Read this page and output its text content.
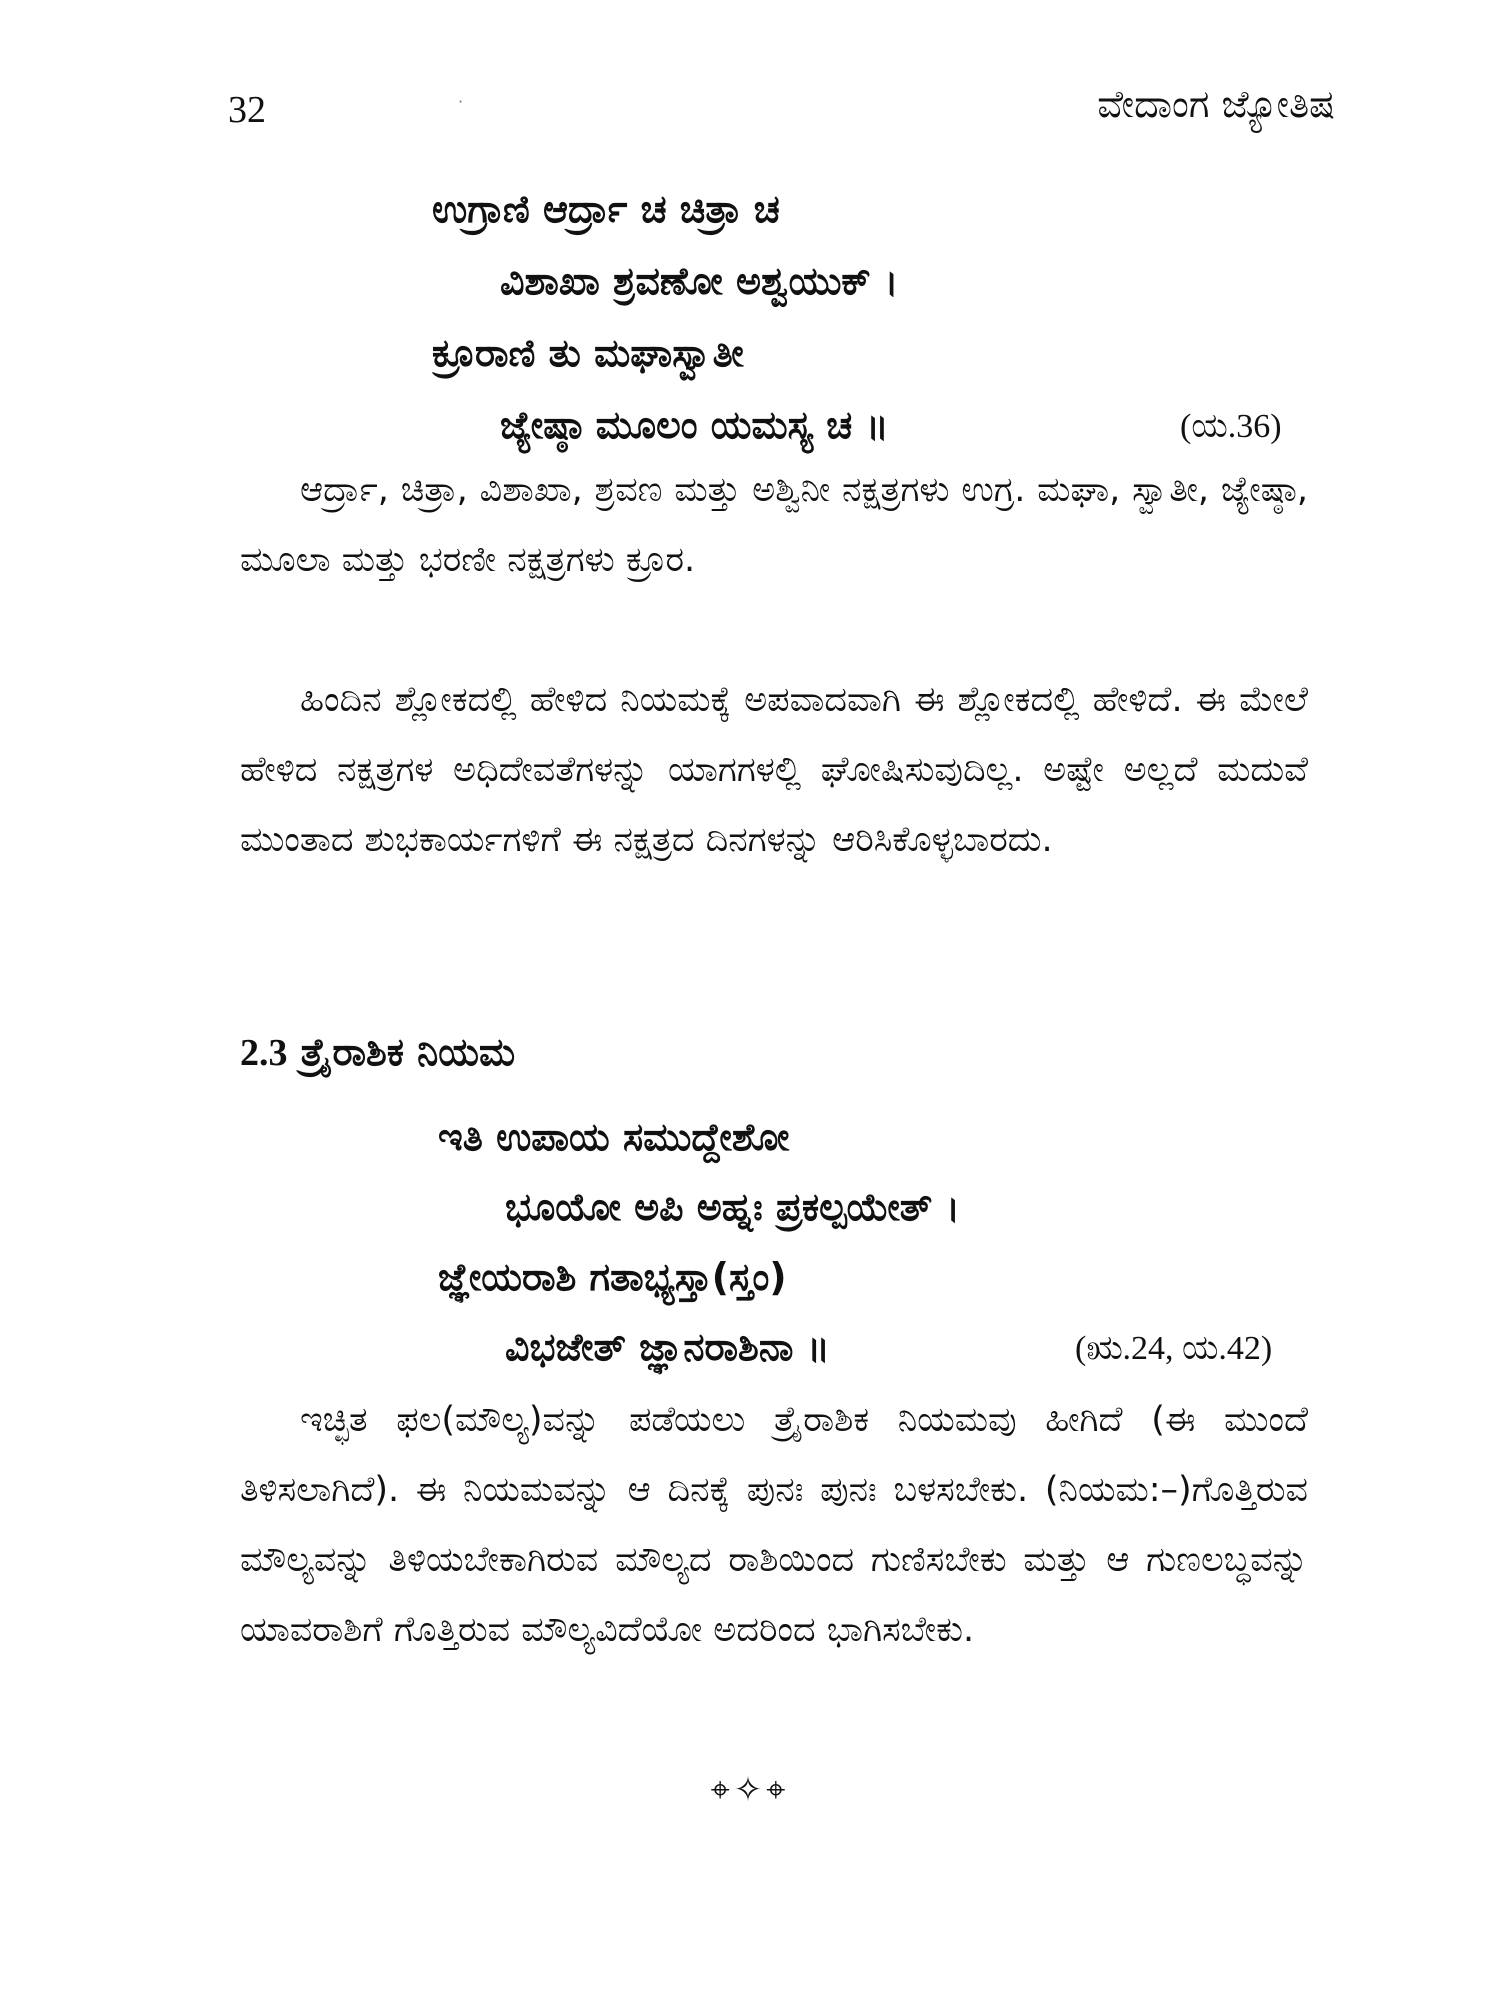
32	·	ವೇದಾಂಗ ಜ್ಯೋತಿಷ
ಉಗ್ರಾಣಿ ಆರ್ದ್ರಾ ಚ ಚಿತ್ರಾ ಚ
ವಿಶಾಖಾ ಶ್ರವಣೋ ಅಶ್ವಯುಕ್ ।
ಕ್ರೂರಾಣಿ ತು ಮಘಾಸ್ವಾತೀ
ಜ್ಯೇಷ್ಠಾ ಮೂಲಂ ಯಮಸ್ಯ ಚ ॥	(ಯ.36)

ಆರ್ದ್ರಾ, ಚಿತ್ರಾ, ವಿಶಾಖಾ, ಶ್ರವಣ ಮತ್ತು ಅಶ್ವಿನೀ ನಕ್ಷತ್ರಗಳು ಉಗ್ರ. ಮಘಾ, ಸ್ವಾತೀ, ಜ್ಯೇಷ್ಠಾ, ಮೂಲಾ ಮತ್ತು ಭರಣೀ ನಕ್ಷತ್ರಗಳು ಕ್ರೂರ.

ಹಿಂದಿನ ಶ್ಲೋಕದಲ್ಲಿ ಹೇಳಿದ ನಿಯಮಕ್ಕೆ ಅಪವಾದವಾಗಿ ಈ ಶ್ಲೋಕದಲ್ಲಿ ಹೇಳಿದೆ. ಈ ಮೇಲೆ ಹೇಳಿದ ನಕ್ಷತ್ರಗಳ ಅಧಿದೇವತೆಗಳನ್ನು ಯಾಗಗಳಲ್ಲಿ ಘೋಷಿಸುವುದಿಲ್ಲ. ಅಷ್ಟೇ ಅಲ್ಲದೆ ಮದುವೆ ಮುಂತಾದ ಶುಭಕಾರ್ಯಗಳಿಗೆ ಈ ನಕ್ಷತ್ರದ ದಿನಗಳನ್ನು ಆರಿಸಿಕೊಳ್ಳಬಾರದು.

2.3 ತ್ರೈರಾಶಿಕ ನಿಯಮ
ಇತಿ ಉಪಾಯ ಸಮುದ್ದೇಶೋ
ಭೂಯೋ ಅಪಿ ಅಹ್ನಃ ಪ್ರಕಲ್ಪಯೇತ್ ।
ಜ್ಞೇಯರಾಶಿ ಗತಾಭ್ಯಸ್ತಾ(ಸ್ತಂ)
ವಿಭಜೇತ್ ಜ್ಞಾನರಾಶಿನಾ ॥	(ಋ.24, ಯ.42)

ಇಚ್ಛಿತ ಫಲ(ಮೌಲ್ಯ)ವನ್ನು ಪಡೆಯಲು ತ್ರೈರಾಶಿಕ ನಿಯಮವು ಹೀಗಿದೆ (ಈ ಮುಂದೆ ತಿಳಿಸಲಾಗಿದೆ). ಈ ನಿಯಮವನ್ನು ಆ ದಿನಕ್ಕೆ ಪುನಃ ಪುನಃ ಬಳಸಬೇಕು. (ನಿಯಮ:–)ಗೊತ್ತಿರುವ ಮೌಲ್ಯವನ್ನು ತಿಳಿಯಬೇಕಾಗಿರುವ ಮೌಲ್ಯದ ರಾಶಿಯಿಂದ ಗುಣಿಸಬೇಕು ಮತ್ತು ಆ ಗುಣಲಬ್ಧವನ್ನು ಯಾವರಾಶಿಗೆ ಗೊತ್ತಿರುವ ಮೌಲ್ಯವಿದೆಯೋ ಅದರಿಂದ ಭಾಗಿಸಬೇಕು.

⌖✧⌖
